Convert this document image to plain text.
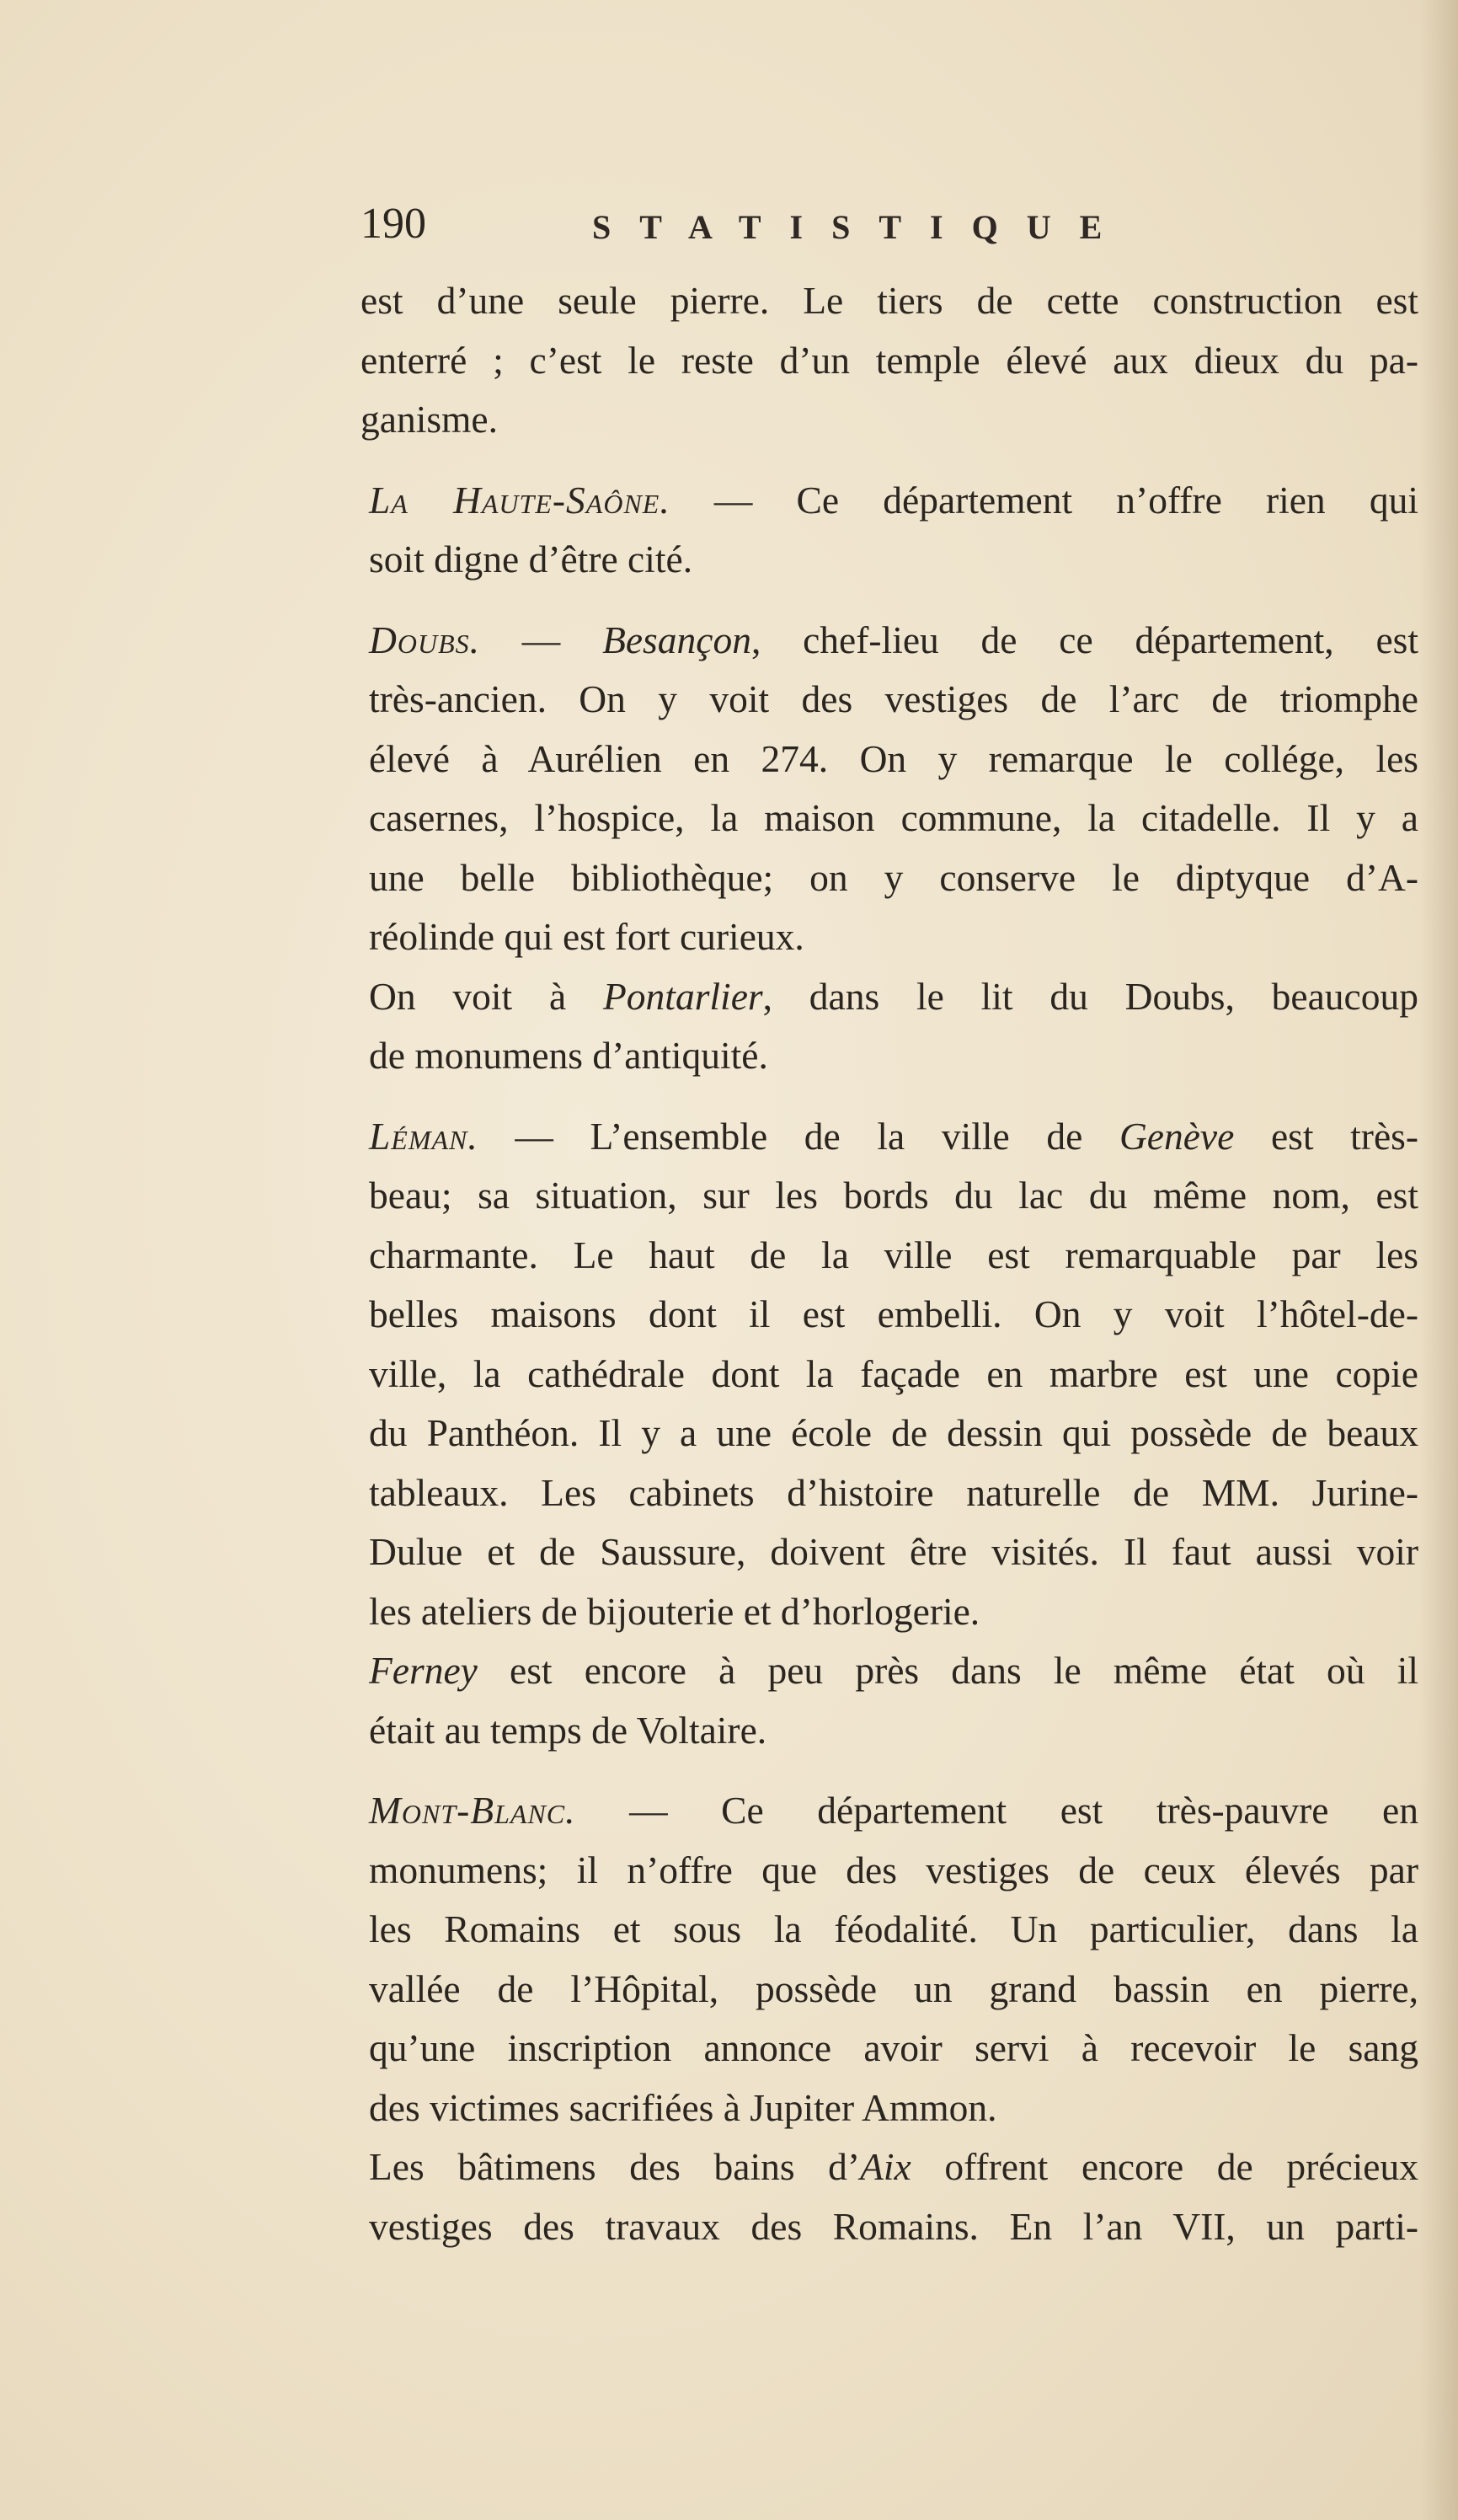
190	STATISTIQUE

est d’une seule pierre. Le tiers de cette construction est
enterré ; c’est le reste d’un temple élevé aux dieux du pa-
ganisme.

La Haute-Saône. — Ce département n’offre rien qui
soit digne d’être cité.

Doubs. — Besançon, chef-lieu de ce département, est
très-ancien. On y voit des vestiges de l’arc de triomphe
élevé à Aurélien en 274. On y remarque le collége, les
casernes, l’hospice, la maison commune, la citadelle. Il y a
une belle bibliothèque; on y conserve le diptyque d’A-
réolinde qui est fort curieux.

On voit à Pontarlier, dans le lit du Doubs, beaucoup
de monumens d’antiquité.

Léman. — L’ensemble de la ville de Genève est très-
beau; sa situation, sur les bords du lac du même nom, est
charmante. Le haut de la ville est remarquable par les
belles maisons dont il est embelli. On y voit l’hôtel-de-
ville, la cathédrale dont la façade en marbre est une copie
du Panthéon. Il y a une école de dessin qui possède de beaux
tableaux. Les cabinets d’histoire naturelle de MM. Jurine-
Dulue et de Saussure, doivent être visités. Il faut aussi voir
les ateliers de bijouterie et d’horlogerie.

Ferney est encore à peu près dans le même état où il
était au temps de Voltaire.

Mont-Blanc. — Ce département est très-pauvre en
monumens; il n’offre que des vestiges de ceux élevés par
les Romains et sous la féodalité. Un particulier, dans la
vallée de l’Hôpital, possède un grand bassin en pierre,
qu’une inscription annonce avoir servi à recevoir le sang
des victimes sacrifiées à Jupiter Ammon.

Les bâtimens des bains d’Aix offrent encore de précieux
vestiges des travaux des Romains. En l’an VII, un parti-
